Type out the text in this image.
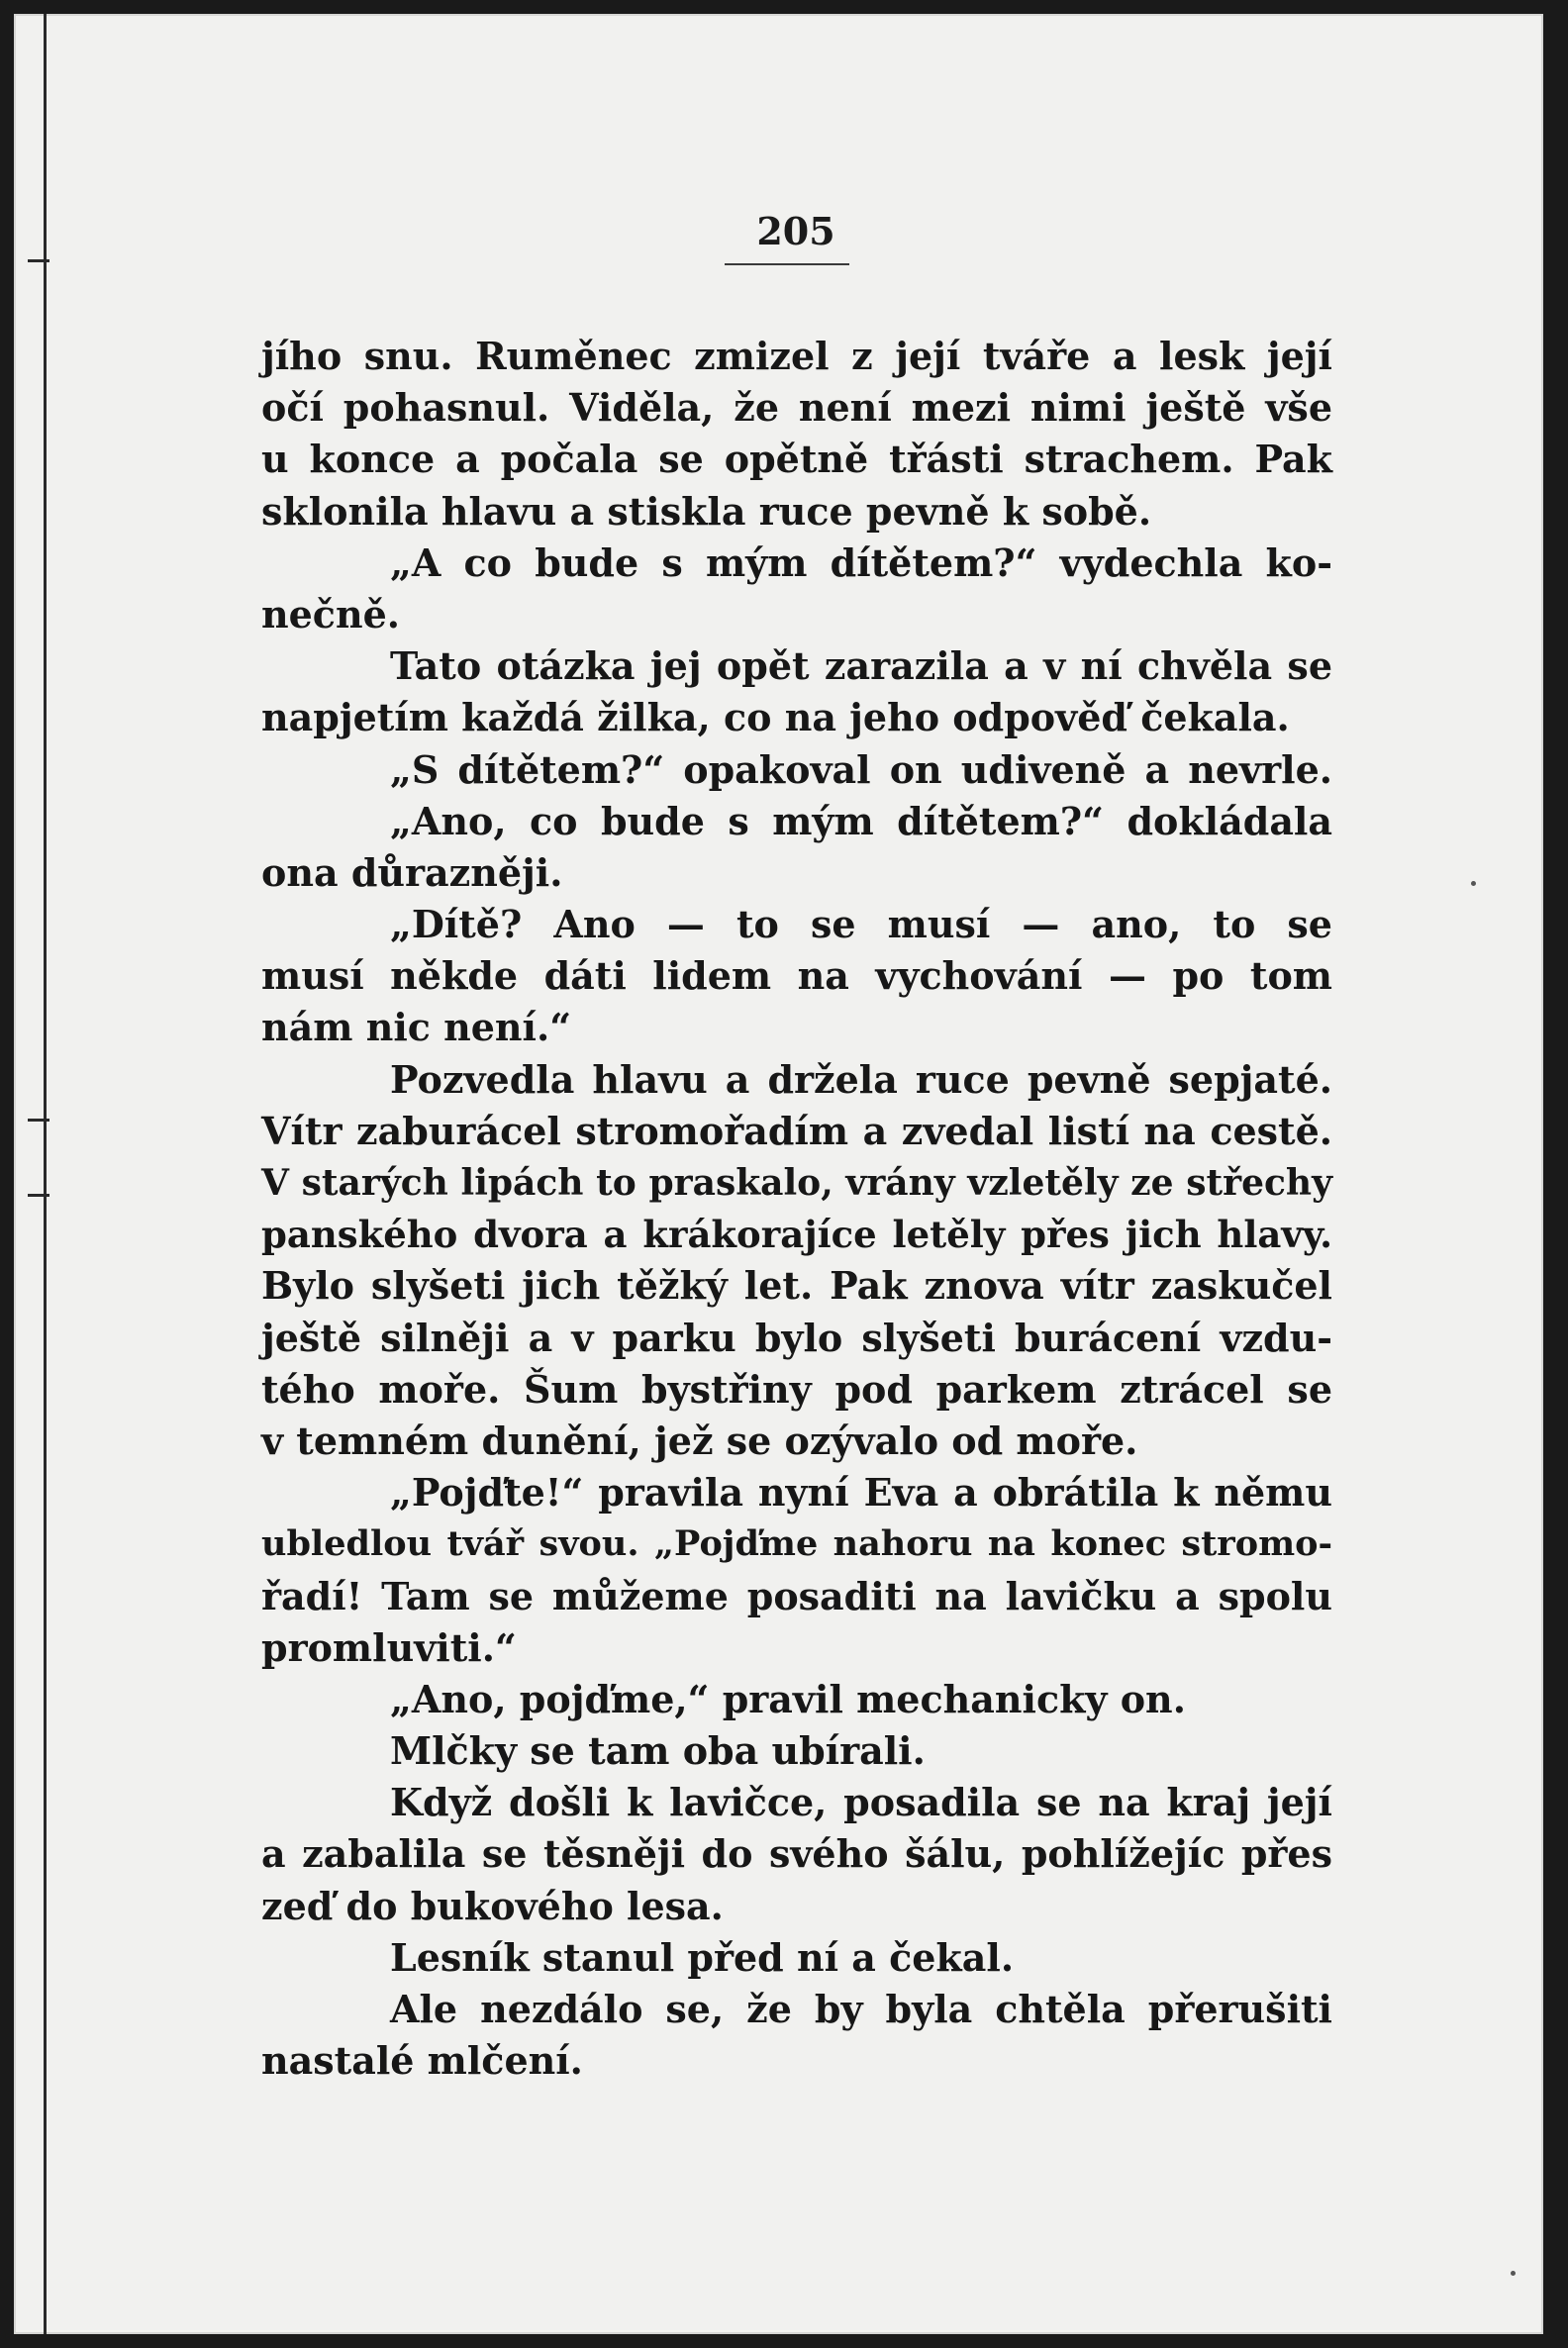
205
jího snu. Ruměnec zmizel z její tváře a lesk její
očí pohasnul. Viděla, že není mezi nimi ještě vše
u konce a počala se opětně třásti strachem. Pak
sklonila hlavu a stiskla ruce pevně k sobě.
„A co bude s mým dítětem?“ vydechla ko-
nečně.
Tato otázka jej opět zarazila a v ní chvěla se
napjetím každá žilka, co na jeho odpověď čekala.
„S dítětem?“ opakoval on udiveně a nevrle.
„Ano, co bude s mým dítětem?“ dokládala
ona důrazněji.
„Dítě? Ano — to se musí — ano, to se
musí někde dáti lidem na vychování — po tom
nám nic není.“
Pozvedla hlavu a držela ruce pevně sepjaté.
Vítr zaburácel stromořadím a zvedal listí na cestě.
V starých lipách to praskalo, vrány vzletěly ze střechy
panského dvora a krákorajíce letěly přes jich hlavy.
Bylo slyšeti jich těžký let. Pak znova vítr zaskučel
ještě silněji a v parku bylo slyšeti burácení vzdu-
tého moře. Šum bystřiny pod parkem ztrácel se
v temném dunění, jež se ozývalo od moře.
„Pojďte!“ pravila nyní Eva a obrátila k němu
ubledlou tvář svou. „Pojďme nahoru na konec stromo-
řadí! Tam se můžeme posaditi na lavičku a spolu
promluviti.“
„Ano, pojďme,“ pravil mechanicky on.
Mlčky se tam oba ubírali.
Když došli k lavičce, posadila se na kraj její
a zabalila se těsněji do svého šálu, pohlížejíc přes
zeď do bukového lesa.
Lesník stanul před ní a čekal.
Ale nezdálo se, že by byla chtěla přerušiti
nastalé mlčení.
